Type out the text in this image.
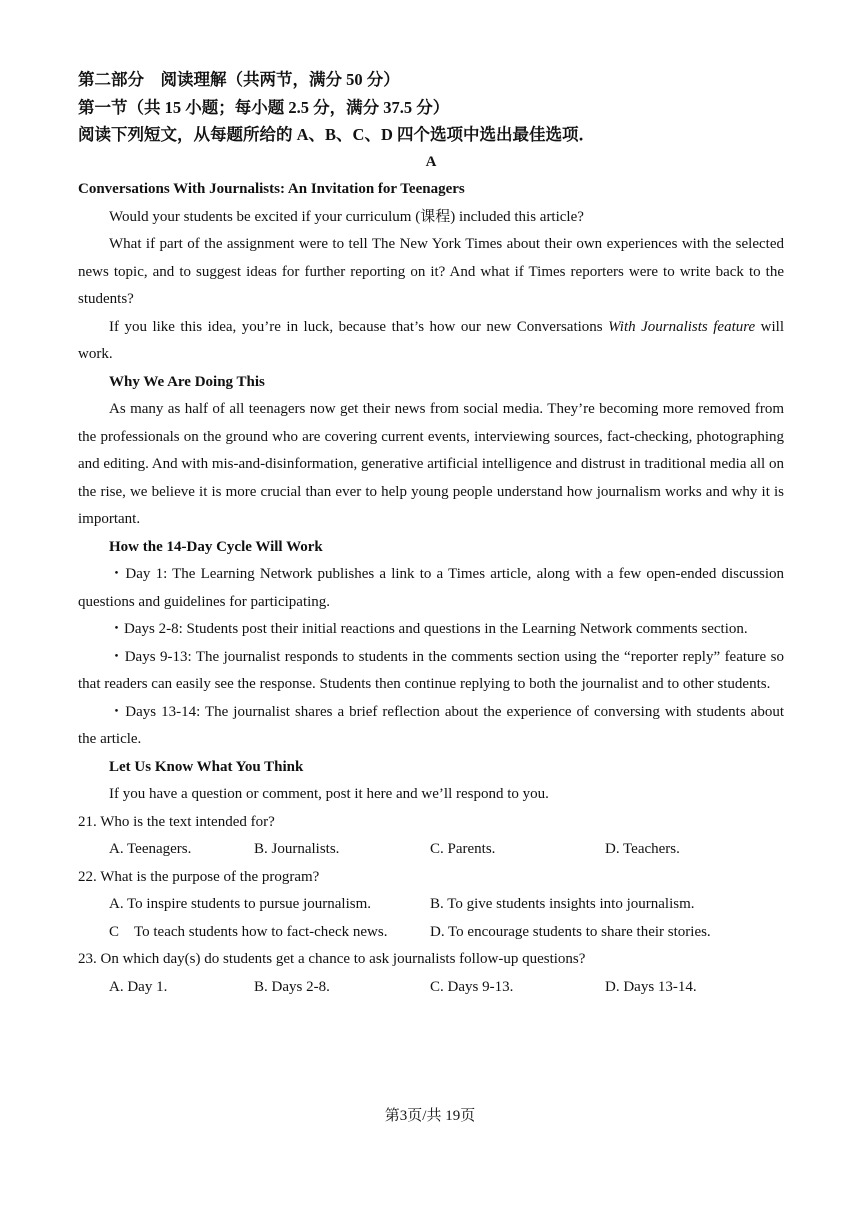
第二部分　阅读理解（共两节，满分 50 分）
第一节（共 15 小题；每小题 2.5 分，满分 37.5 分）
阅读下列短文，从每题所给的 A、B、C、D 四个选项中选出最佳选项．
A
Conversations With Journalists: An Invitation for Teenagers

Would your students be excited if your curriculum (课程) included this article?

What if part of the assignment were to tell The New York Times about their own experiences with the selected news topic, and to suggest ideas for further reporting on it? And what if Times reporters were to write back to the students?

If you like this idea, you’re in luck, because that’s how our new Conversations With Journalists feature will work.

Why We Are Doing This

As many as half of all teenagers now get their news from social media. They’re becoming more removed from the professionals on the ground who are covering current events, interviewing sources, fact-checking, photographing and editing. And with mis-and-disinformation, generative artificial intelligence and distrust in traditional media all on the rise, we believe it is more crucial than ever to help young people understand how journalism works and why it is important.

How the 14-Day Cycle Will Work

・Day 1: The Learning Network publishes a link to a Times article, along with a few open-ended discussion questions and guidelines for participating.

・Days 2-8: Students post their initial reactions and questions in the Learning Network comments section.

・Days 9-13: The journalist responds to students in the comments section using the “reporter reply” feature so that readers can easily see the response. Students then continue replying to both the journalist and to other students.

・Days 13-14: The journalist shares a brief reflection about the experience of conversing with students about the article.

Let Us Know What You Think

If you have a question or comment, post it here and we’ll respond to you.

21. Who is the text intended for?
A. Teenagers.	B. Journalists.	C. Parents.	D. Teachers.
22. What is the purpose of the program?
A. To inspire students to pursue journalism.	B. To give students insights into journalism.
C　To teach students how to fact-check news.	D. To encourage students to share their stories.
23. On which day(s) do students get a chance to ask journalists follow-up questions?
A. Day 1.	B. Days 2-8.	C. Days 9-13.	D. Days 13-14.
第3页/共 19页
